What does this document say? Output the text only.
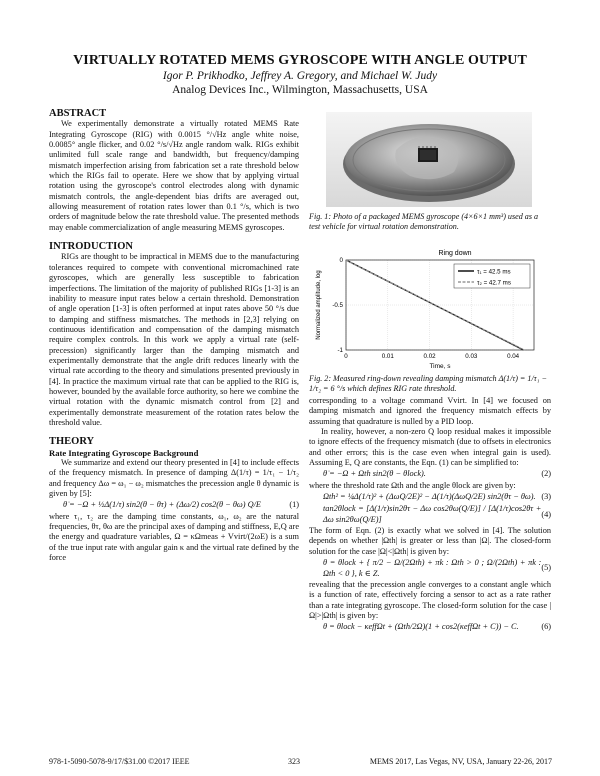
VIRTUALLY ROTATED MEMS GYROSCOPE WITH ANGLE OUTPUT
Igor P. Prikhodko, Jeffrey A. Gregory, and Michael W. Judy
Analog Devices Inc., Wilmington, Massachusetts, USA

ABSTRACT

We experimentally demonstrate a virtually rotated MEMS Rate Integrating Gyroscope (RIG) with 0.0015 °/√Hz angle white noise, 0.0085° angle flicker, and 0.02 °/s/√Hz angle random walk. RIGs exhibit unlimited full scale range and bandwidth, but frequency/damping mismatch imperfection arising from fabrication set a rate threshold below which the RIGs fail to operate. Here we show that by applying virtual rotation using the gyroscope's control electrodes along with dynamic mismatch controls, the angle-dependent bias drifts are averaged out, allowing measurement of rotation rates lower than 0.1 °/s, which is two orders of magnitude below the rate threshold value. The presented methods may enable commercialization of angle measuring MEMS gyroscopes.

INTRODUCTION

RIGs are thought to be impractical in MEMS due to the manufacturing tolerances required to compete with conventional micromachined rate gyroscopes, which are generally less susceptible to fabrication imperfections. The limitation of the majority of published RIGs [1-3] is an inability to measure input rates below a certain threshold. Demonstration of angle operation [1-3] is often performed at input rates above 50 °/s due to damping and stiffness mismatches. The methods in [2,3] relying on continuous identification and compensation of the damping mismatch require complex controls. In this work we apply a virtual rate (self-precession) significantly larger than the damping mismatch and experimentally demonstrate that the angle drift reduces linearly with the virtual rate according to the theory and simulations presented previously in [4]. In practice the maximum virtual rate that can be applied to the RIG is, however, bounded by the available force authority, so here we combine the virtual rotation with the dynamic mismatch control from [2] and experimentally demonstrate measurement of the rotation rates below the threshold value.

THEORY

Rate Integrating Gyroscope Background

We summarize and extend our theory presented in [4] to include effects of the frequency mismatch. In presence of damping Δ(1/τ) = 1/τ₁ − 1/τ₂ and frequency Δω = ω₁ − ω₂ mismatches the precession angle θ dynamic is given by [5]:

θ̇ = −Ω + ½Δ(1/τ) sin2(θ − θτ) + (Δω/2) cos2(θ − θω) Q/E	(1)

where τ₁, τ₂ are the damping time constants, ω₁, ω₂ are the natural frequencies, θτ, θω are the principal axes of damping and stiffness, E,Q are the energy and quadrature variables, Ω = κΩmeas + Vvirt/(2ωE) is a sum of the true input rate with angular gain κ and the virtual rate defined by the force

Fig. 1: Photo of a packaged MEMS gyroscope (4×6×1 mm³) used as a test vehicle for virtual rotation demonstration.

Ring down
0	0.01	0.02	0.03	0.04
0
-0.5
-1
Time, s
Normalized amplitude, log	τ₁ = 42.5 ms
τ₂ = 42.7 ms

Fig. 2: Measured ring-down revealing damping mismatch Δ(1/τ) = 1/τ₁ − 1/τ₂ = 6 °/s which defines RIG rate threshold.

corresponding to a voltage command Vvirt. In [4] we focused on damping mismatch and ignored the frequency mismatch effects by assuming that quadrature is nulled by a PID loop.

In reality, however, a non-zero Q loop residual makes it impossible to ignore effects of the frequency mismatch (due to offsets in electronics and other errors; this is the case even when integral gain is used). Assuming E, Q are constants, the Eqn. (1) can be simplified to:

θ̇ = −Ω + Ωth sin2(θ − θlock).	(2)

where the threshold rate Ωth and the angle θlock are given by:

Ωth² = ¼Δ(1/τ)² + (ΔωQ/2E)² − Δ(1/τ)(ΔωQ/2E) sin2(θτ − θω). (3)
tan2θlock = [Δ(1/τ)sin2θτ − Δω cos2θω(Q/E)] / [Δ(1/τ)cos2θτ + Δω sin2θω(Q/E)]
(4)

The form of Eqn. (2) is exactly what we solved in [4]. The solution depends on whether |Ωth| is greater or less than |Ω|. The closed-form solution for the case |Ω|<|Ωth| is given by:

θ = θlock + { π/2 − Ω/(2Ωth) + πk : Ωth > 0 ; Ω/(2Ωth) + πk : Ωth < 0 }, k ∈ Z.
(5)

revealing that the precession angle converges to a constant angle which is a function of rate, effectively forcing a sensor to act as a rate rather than a rate integrating gyroscope. The closed-form solution for the case |Ω|>|Ωth| is given by:

θ = θlock − κeffΩt + (Ωth/2Ω)(1 + cos2(κeffΩt + C)) − C.	(6)
978-1-5090-5078-9/17/$31.00 ©2017 IEEE	323	MEMS 2017, Las Vegas, NV, USA, January 22-26, 2017
